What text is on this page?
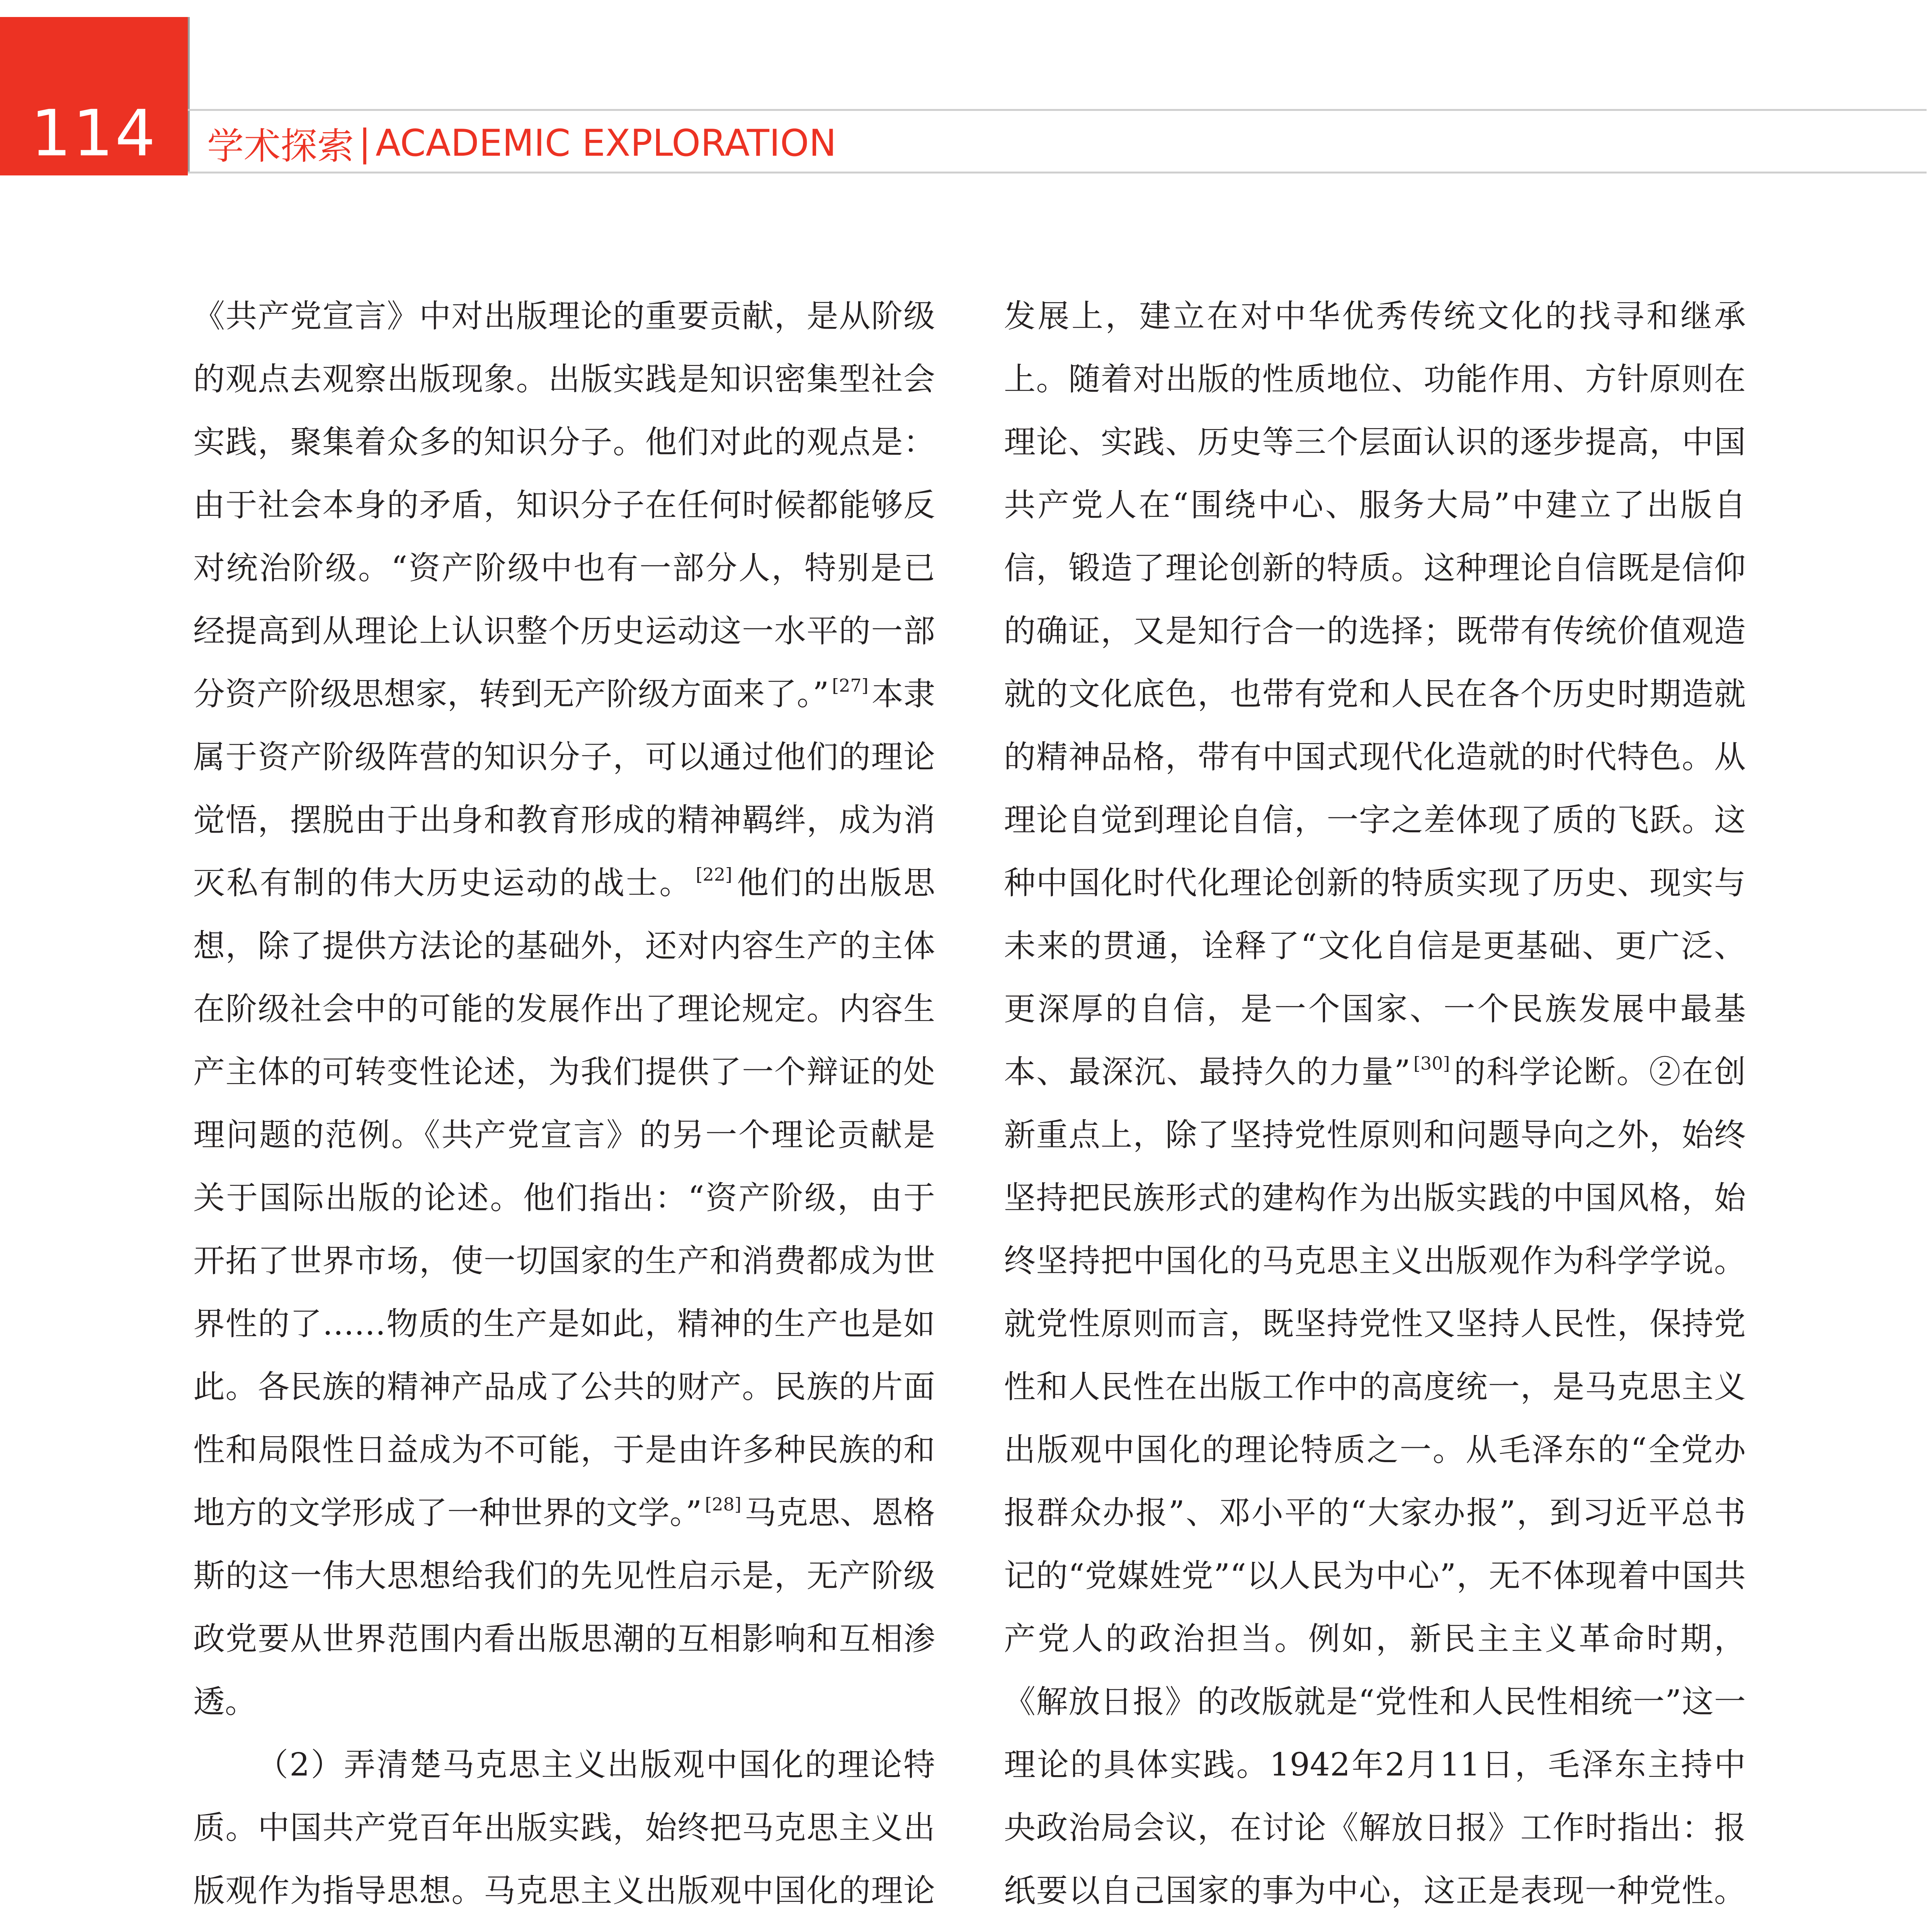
114 学术探索 | ACADEMIC EXPLORATION

《共产党宣言》中对出版理论的重要贡献，是从阶级的观点去观察出版现象。出版实践是知识密集型社会实践，聚集着众多的知识分子。他们对此的观点是：由于社会本身的矛盾，知识分子在任何时候都能够反对统治阶级。“资产阶级中也有一部分人，特别是已经提高到从理论上认识整个历史运动这一水平的一部分资产阶级思想家，转到无产阶级方面来了。” [27]本隶属于资产阶级阵营的知识分子，可以通过他们的理论觉悟，摆脱由于出身和教育形成的精神羁绊，成为消灭私有制的伟大历史运动的战士。 [22]他们的出版思想，除了提供方法论的基础外，还对内容生产的主体在阶级社会中的可能的发展作出了理论规定。内容生产主体的可转变性论述，为我们提供了一个辩证的处理问题的范例。《共产党宣言》的另一个理论贡献是关于国际出版的论述。他们指出：“资产阶级，由于开拓了世界市场，使一切国家的生产和消费都成为世界性的了……物质的生产是如此，精神的生产也是如此。各民族的精神产品成了公共的财产。民族的片面性和局限性日益成为不可能，于是由许多种民族的和地方的文学形成了一种世界的文学。” [28]马克思、恩格斯的这一伟大思想给我们的先见性启示是，无产阶级政党要从世界范围内看出版思潮的互相影响和互相渗透。

（2）弄清楚马克思主义出版观中国化的理论特质。中国共产党百年出版实践，始终把马克思主义出版观作为指导思想。马克思主义出版观中国化的理论

发展上，建立在对中华优秀传统文化的找寻和继承上。随着对出版的性质地位、功能作用、方针原则在理论、实践、历史等三个层面认识的逐步提高，中国共产党人在“围绕中心、服务大局”中建立了出版自信，锻造了理论创新的特质。这种理论自信既是信仰的确证，又是知行合一的选择；既带有传统价值观造就的文化底色，也带有党和人民在各个历史时期造就的精神品格，带有中国式现代化造就的时代特色。从理论自觉到理论自信，一字之差体现了质的飞跃。这种中国化时代化理论创新的特质实现了历史、现实与未来的贯通，诠释了“文化自信是更基础、更广泛、更深厚的自信，是一个国家、一个民族发展中最基本、最深沉、最持久的力量” [30]的科学论断。②在创新重点上，除了坚持党性原则和问题导向之外，始终坚持把民族形式的建构作为出版实践的中国风格，始终坚持把中国化的马克思主义出版观作为科学学说。就党性原则而言，既坚持党性又坚持人民性，保持党性和人民性在出版工作中的高度统一，是马克思主义出版观中国化的理论特质之一。从毛泽东的“全党办报群众办报”、邓小平的“大家办报”，到习近平总书记的“党媒姓党”“以人民为中心”，无不体现着中国共产党人的政治担当。例如，新民主主义革命时期，《解放日报》的改版就是“党性和人民性相统一”这一理论的具体实践。1942年2月11日，毛泽东主持中央政治局会议，在讨论《解放日报》工作时指出：报纸要以自己国家的事为中心，这正是表现一种党性。
